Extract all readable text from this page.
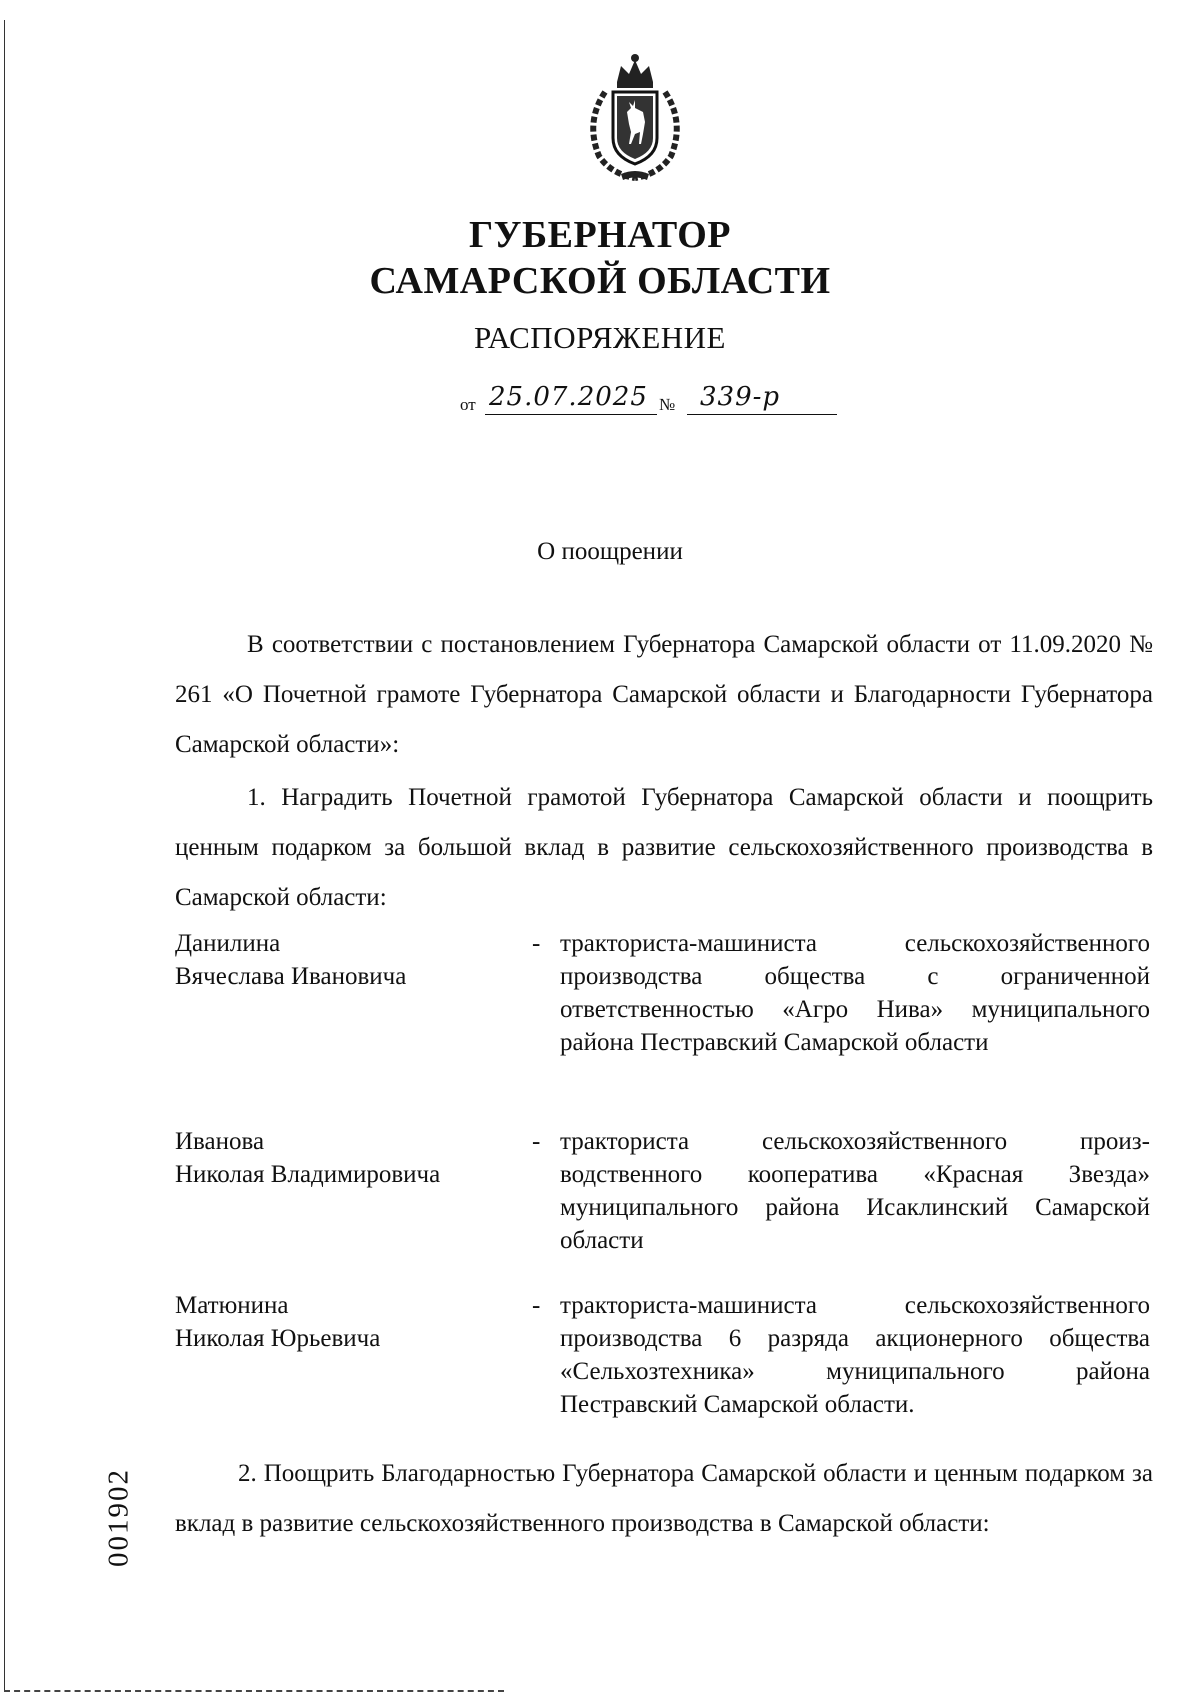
ГУБЕРНАТОР
САМАРСКОЙ ОБЛАСТИ
РАСПОРЯЖЕНИЕ
от 25.07.2025 № 339-р
О поощрении
В соответствии с постановлением Губернатора Самарской области от 11.09.2020 № 261 «О Почетной грамоте Губернатора Самарской области и Благодарности Губернатора Самарской области»:
1. Наградить Почетной грамотой Губернатора Самарской области и поощрить ценным подарком за большой вклад в развитие сельскохозяйственного производства в Самарской области:
Данилина
Вячеслава Ивановича
- тракториста-машиниста сельскохозяйственного производства общества с ограниченной ответственностью «Агро Нива» муниципального района Пестравский Самарской области
Иванова
Николая Владимировича
- тракториста сельскохозяйственного производственного кооператива «Красная Звезда» муниципального района Исаклинский Самарской области
Матюнина
Николая Юрьевича
- тракториста-машиниста сельскохозяйственного производства 6 разряда акционерного общества «Сельхозтехника» муниципального района Пестравский Самарской области.
2. Поощрить Благодарностью Губернатора Самарской области и ценным подарком за вклад в развитие сельскохозяйственного производства в Самарской области:
001902
